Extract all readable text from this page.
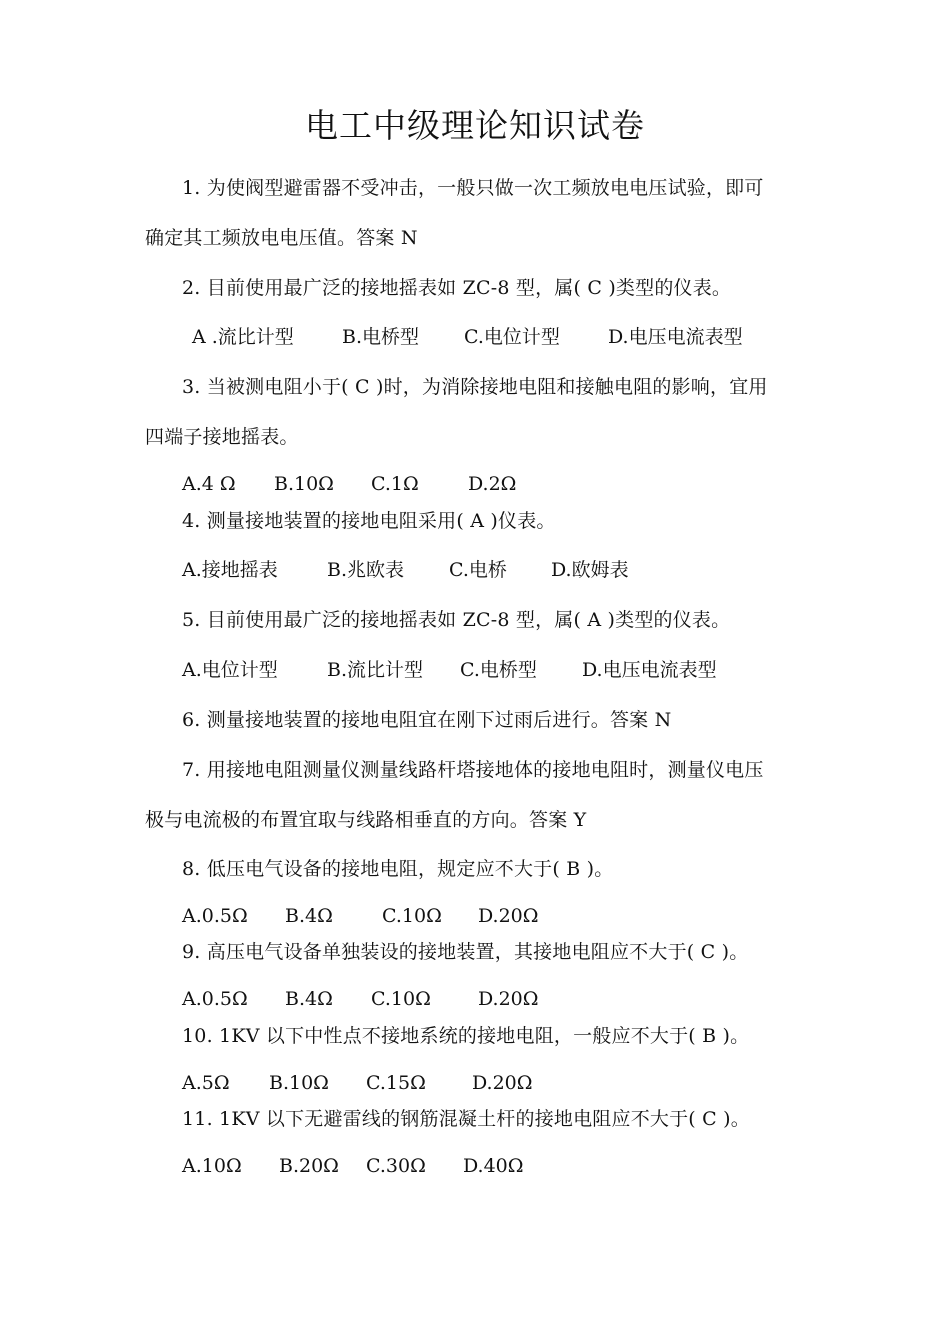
电工中级理论知识试卷
1. 为使阀型避雷器不受冲击，一般只做一次工频放电电压试验，即可
确定其工频放电电压值。答案 N
2. 目前使用最广泛的接地摇表如 ZC-8 型，属( C )类型的仪表。
A .流比计型	B.电桥型 C.电位计型	D.电压电流表型
3. 当被测电阻小于( C )时，为消除接地电阻和接触电阻的影响，宜用
四端子接地摇表。
A.4 Ω B.10Ω C.1Ω	D.2Ω
4. 测量接地装置的接地电阻采用( A )仪表。
A.接地摇表	B.兆欧表 C.电桥 D.欧姆表
5. 目前使用最广泛的接地摇表如 ZC-8 型，属( A )类型的仪表。
A.电位计型	B.流比计型 C.电桥型 D.电压电流表型
6. 测量接地装置的接地电阻宜在刚下过雨后进行。答案 N
7. 用接地电阻测量仪测量线路杆塔接地体的接地电阻时，测量仪电压
极与电流极的布置宜取与线路相垂直的方向。答案 Y
8. 低压电气设备的接地电阻，规定应不大于( B )。
A.0.5Ω B.4Ω	C.10Ω D.20Ω
9. 高压电气设备单独装设的接地装置，其接地电阻应不大于( C )。
A.0.5Ω B.4Ω C.10Ω D.20Ω
10. 1KV 以下中性点不接地系统的接地电阻，一般应不大于( B )。
A.5Ω B.10Ω C.15Ω D.20Ω
11. 1KV 以下无避雷线的钢筋混凝土杆的接地电阻应不大于( C )。
A.10Ω B.20Ω C.30Ω D.40Ω
